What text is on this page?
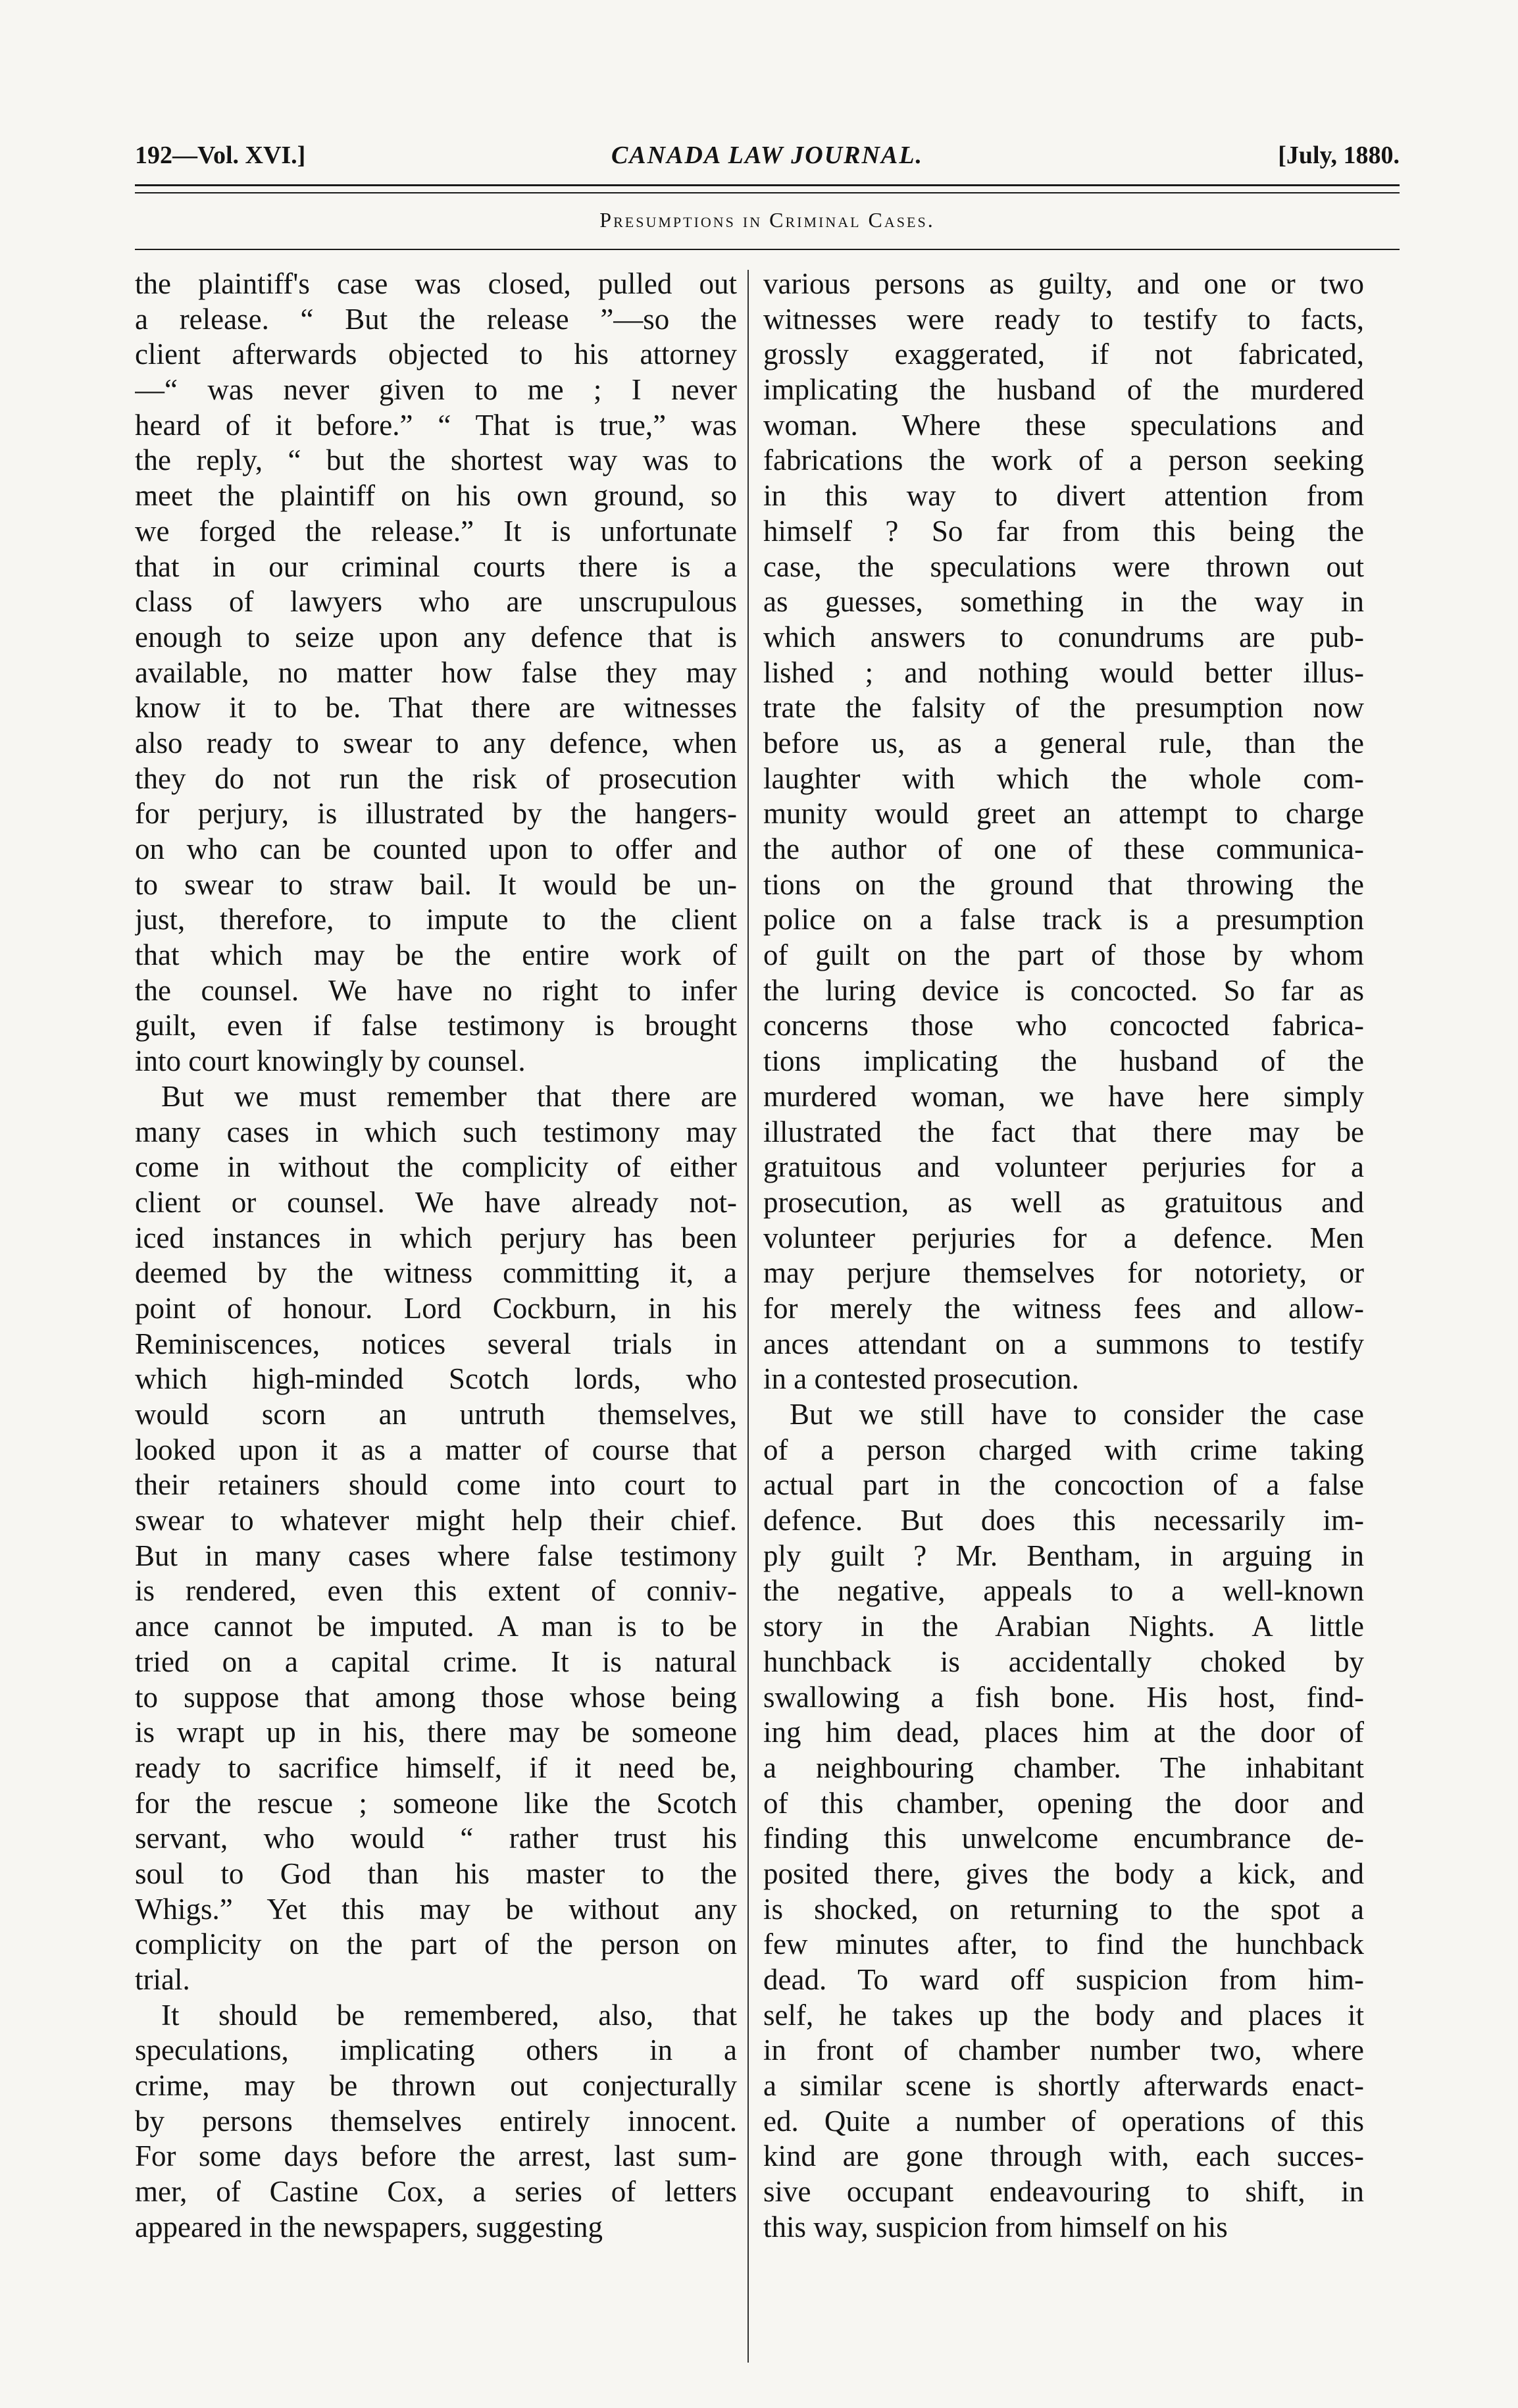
192—Vol. XVI.]	CANADA LAW JOURNAL.	[July, 1880.
Presumptions in Criminal Cases.
the plaintiff's case was closed, pulled out
a release. “ But the release ”—so the
client afterwards objected to his attorney
—“ was never given to me ; I never
heard of it before.” “ That is true,” was
the reply, “ but the shortest way was to
meet the plaintiff on his own ground, so
we forged the release.” It is unfortunate
that in our criminal courts there is a
class of lawyers who are unscrupulous
enough to seize upon any defence that is
available, no matter how false they may
know it to be. That there are witnesses
also ready to swear to any defence, when
they do not run the risk of prosecution
for perjury, is illustrated by the hangers-
on who can be counted upon to offer and
to swear to straw bail. It would be un-
just, therefore, to impute to the client
that which may be the entire work of
the counsel. We have no right to infer
guilt, even if false testimony is brought
into court knowingly by counsel.
But we must remember that there are
many cases in which such testimony may
come in without the complicity of either
client or counsel. We have already not-
iced instances in which perjury has been
deemed by the witness committing it, a
point of honour. Lord Cockburn, in his
Reminiscences, notices several trials in
which high-minded Scotch lords, who
would scorn an untruth themselves,
looked upon it as a matter of course that
their retainers should come into court to
swear to whatever might help their chief.
But in many cases where false testimony
is rendered, even this extent of conniv-
ance cannot be imputed. A man is to be
tried on a capital crime. It is natural
to suppose that among those whose being
is wrapt up in his, there may be someone
ready to sacrifice himself, if it need be,
for the rescue ; someone like the Scotch
servant, who would “ rather trust his
soul to God than his master to the
Whigs.” Yet this may be without any
complicity on the part of the person on
trial.
It should be remembered, also, that
speculations, implicating others in a
crime, may be thrown out conjecturally
by persons themselves entirely innocent.
For some days before the arrest, last sum-
mer, of Castine Cox, a series of letters
appeared in the newspapers, suggesting
various persons as guilty, and one or two
witnesses were ready to testify to facts,
grossly exaggerated, if not fabricated,
implicating the husband of the murdered
woman. Where these speculations and
fabrications the work of a person seeking
in this way to divert attention from
himself ? So far from this being the
case, the speculations were thrown out
as guesses, something in the way in
which answers to conundrums are pub-
lished ; and nothing would better illus-
trate the falsity of the presumption now
before us, as a general rule, than the
laughter with which the whole com-
munity would greet an attempt to charge
the author of one of these communica-
tions on the ground that throwing the
police on a false track is a presumption
of guilt on the part of those by whom
the luring device is concocted. So far as
concerns those who concocted fabrica-
tions implicating the husband of the
murdered woman, we have here simply
illustrated the fact that there may be
gratuitous and volunteer perjuries for a
prosecution, as well as gratuitous and
volunteer perjuries for a defence. Men
may perjure themselves for notoriety, or
for merely the witness fees and allow-
ances attendant on a summons to testify
in a contested prosecution.
But we still have to consider the case
of a person charged with crime taking
actual part in the concoction of a false
defence. But does this necessarily im-
ply guilt ? Mr. Bentham, in arguing in
the negative, appeals to a well-known
story in the Arabian Nights. A little
hunchback is accidentally choked by
swallowing a fish bone. His host, find-
ing him dead, places him at the door of
a neighbouring chamber. The inhabitant
of this chamber, opening the door and
finding this unwelcome encumbrance de-
posited there, gives the body a kick, and
is shocked, on returning to the spot a
few minutes after, to find the hunchback
dead. To ward off suspicion from him-
self, he takes up the body and places it
in front of chamber number two, where
a similar scene is shortly afterwards enact-
ed. Quite a number of operations of this
kind are gone through with, each succes-
sive occupant endeavouring to shift, in
this way, suspicion from himself on his
